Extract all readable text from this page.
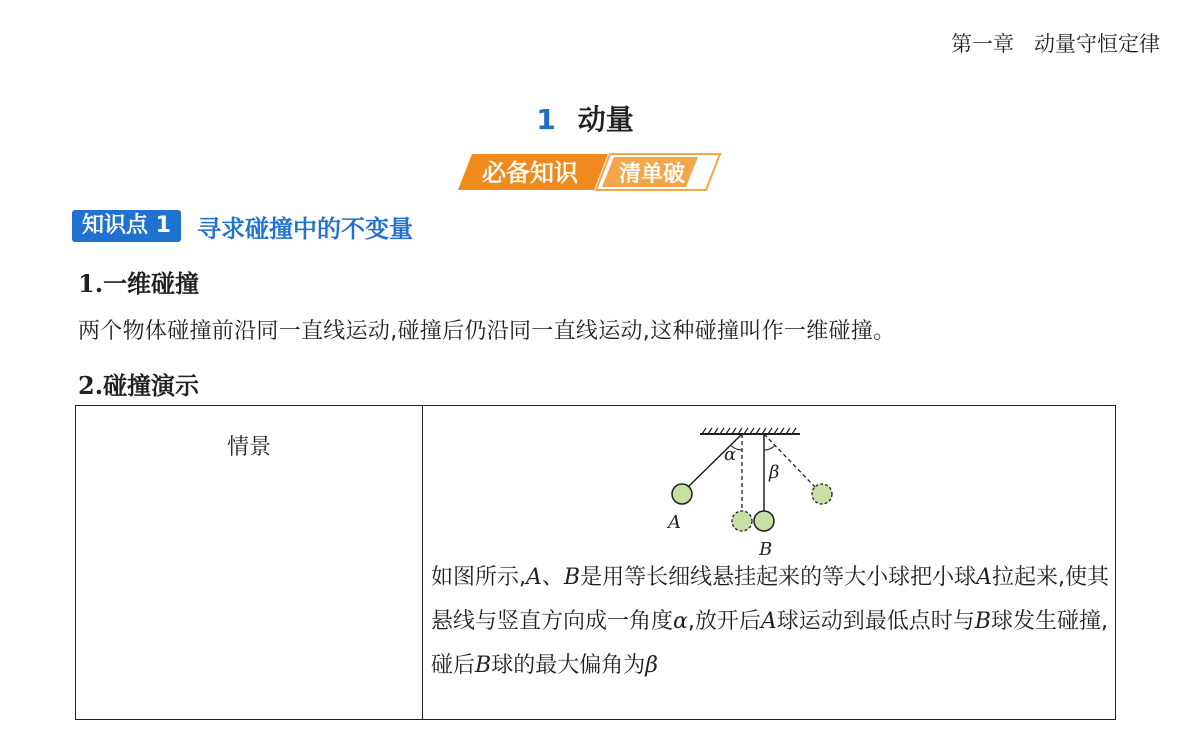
第一章   动量守恒定律
1 动量
必备知识 清单破
知识点 1	寻求碰撞中的不变量
1.一维碰撞
两个物体碰撞前沿同一直线运动,碰撞后仍沿同一直线运动,这种碰撞叫作一维碰撞。
2.碰撞演示
情景	α
β
A
B

如图所示,A、B是用等长细线悬挂起来的等大小球把小球A拉起来,使其悬线与竖直方向成一角度α,放开后A球运动到最低点时与B球发生碰撞,碰后B球的最大偏角为β
